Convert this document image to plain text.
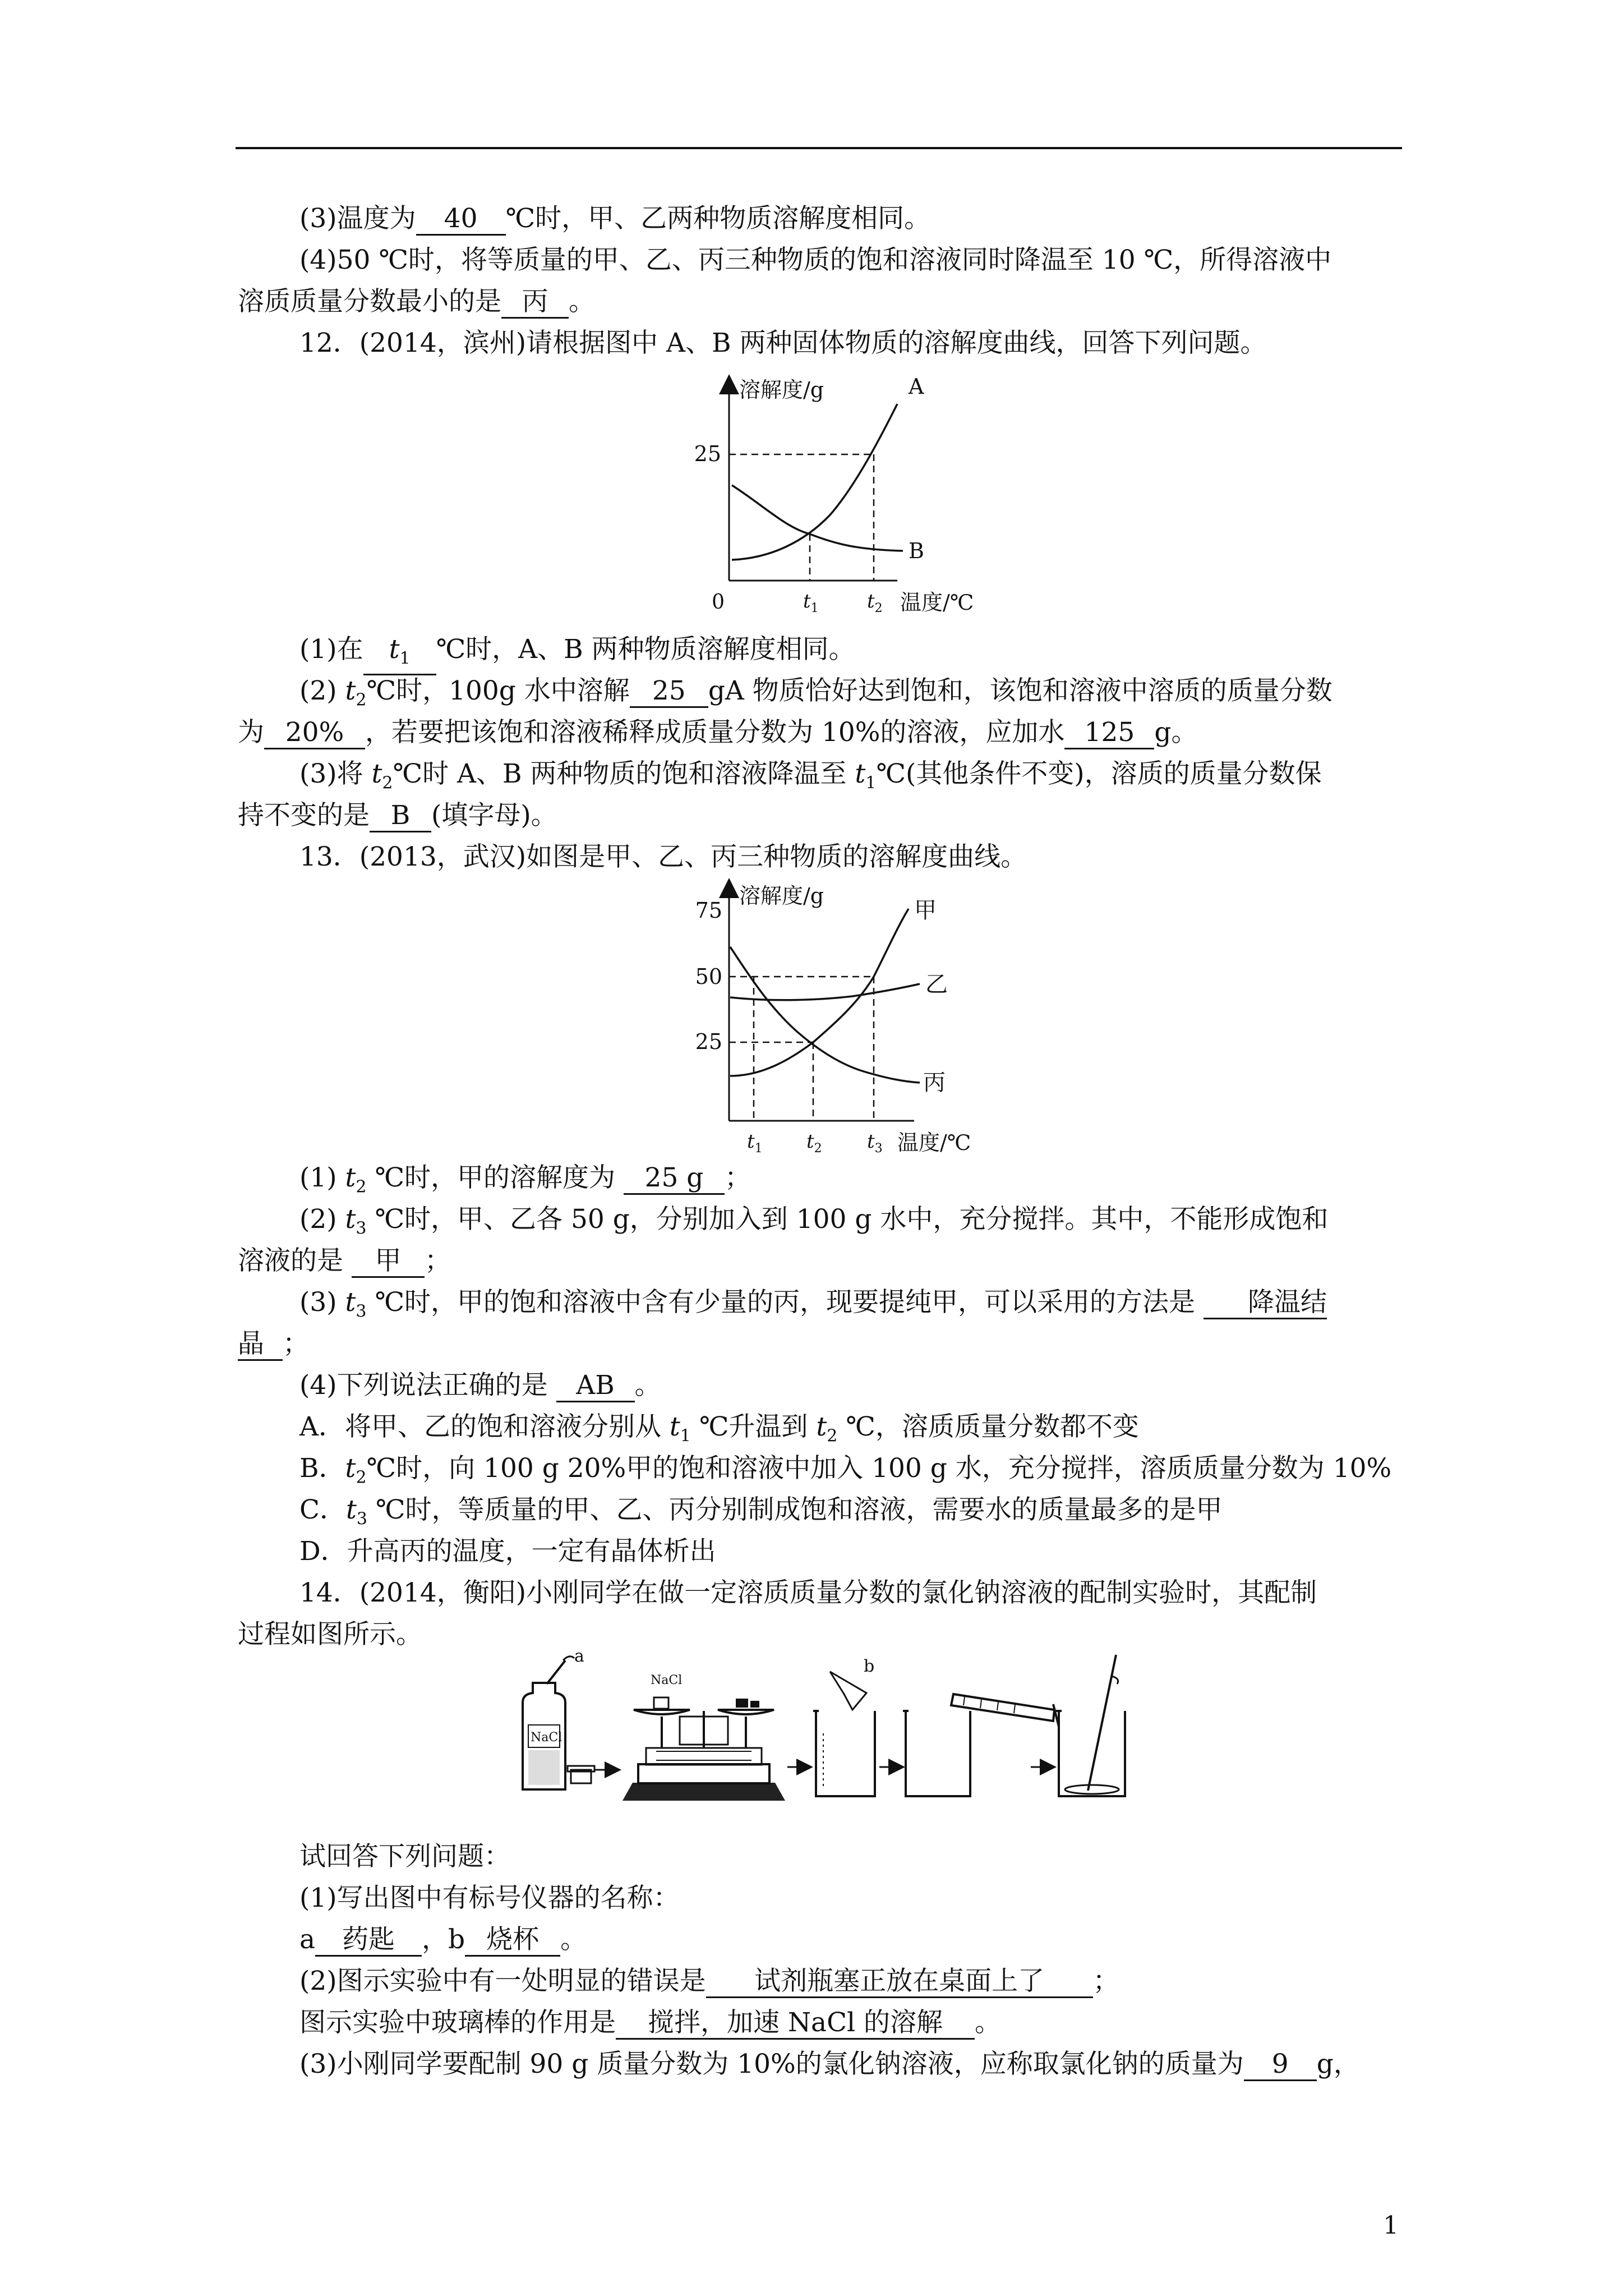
(3)温度为 40 ℃时，甲、乙两种物质溶解度相同。
(4)50 ℃时，将等质量的甲、乙、丙三种物质的饱和溶液同时降温至 10 ℃，所得溶液中
溶质质量分数最小的是 丙 。
12．(2014，滨州)请根据图中 A、B 两种固体物质的溶解度曲线，回答下列问题。
溶解度/g
0
25
A
B
$t_1$	$t_2$ 温度/℃
(1)在 $t_1$ ℃时，A、B 两种物质溶解度相同。
(2) $t_2℃$时，100g 水中溶解 25 gA 物质恰好达到饱和，该饱和溶液中溶质的质量分数
为 20% ，若要把该饱和溶液稀释成质量分数为 10%的溶液，应加水 125 g。
(3)将 $t_2℃$时 A、B 两种物质的饱和溶液降温至 $t_1℃$(其他条件不变)，溶质的质量分数保
持不变的是 B (填字母)。
13．(2013，武汉)如图是甲、乙、丙三种物质的溶解度曲线。
溶解度/g
75
50
25
甲
乙
丙
$t_1$ $t_2$ $t_3$ 温度/℃
(1) $t_2$ ℃时，甲的溶解度为 25 g ；
(2) $t_3$ ℃时，甲、乙各 50 g，分别加入到 100 g 水中，充分搅拌。其中，不能形成饱和
溶液的是 甲 ；
(3) $t_3$ ℃时，甲的饱和溶液中含有少量的丙，现要提纯甲，可以采用的方法是 降温结
晶 ；
(4)下列说法正确的是 AB 。
A．将甲、乙的饱和溶液分别从 $t_1$ ℃升温到 $t_2$ ℃，溶质质量分数都不变
B．$t_2℃$时，向 100 g 20%甲的饱和溶液中加入 100 g 水，充分搅拌，溶质质量分数为 10%
C．$t_3$ ℃时，等质量的甲、乙、丙分别制成饱和溶液，需要水的质量最多的是甲
D．升高丙的温度，一定有晶体析出
14．(2014，衡阳)小刚同学在做一定溶质质量分数的氯化钠溶液的配制实验时，其配制
过程如图所示。
NaCl
a
NaCl
b
试回答下列问题：
(1)写出图中有标号仪器的名称：
a 药匙 ，b 烧杯 。
(2)图示实验中有一处明显的错误是 试剂瓶塞正放在桌面上了 ；
图示实验中玻璃棒的作用是 搅拌，加速 NaCl 的溶解 。
(3)小刚同学要配制 90 g 质量分数为 10%的氯化钠溶液，应称取氯化钠的质量为 9 g，
1
